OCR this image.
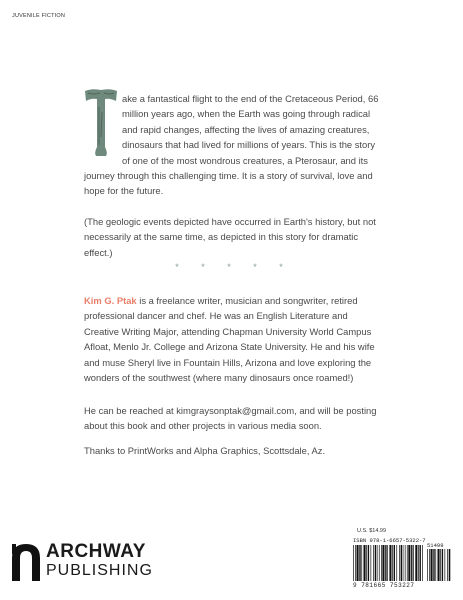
JUVENILE FICTION
ake a fantastical flight to the end of the Cretaceous Period, 66 million years ago, when the Earth was going through radical and rapid changes, affecting the lives of amazing creatures, dinosaurs that had lived for millions of years. This is the story of one of the most wondrous creatures, a Pterosaur, and its journey through this challenging time. It is a story of survival, love and hope for the future.
(The geologic events depicted have occurred in Earth's history, but not necessarily at the same time, as depicted in this story for dramatic effect.)
* * * * *
Kim G. Ptak is a freelance writer, musician and songwriter, retired professional dancer and chef. He was an English Literature and Creative Writing Major, attending Chapman University World Campus Afloat, Menlo Jr. College and Arizona State University. He and his wife and muse Sheryl live in Fountain Hills, Arizona and love exploring the wonders of the southwest (where many dinosaurs once roamed!)
He can be reached at kimgraysonptak@gmail.com, and will be posting about this book and other projects in various media soon.
Thanks to PrintWorks and Alpha Graphics, Scottsdale, Az.
U.S. $14.99
ISBN 978-1-6657-5322-7
51499
9 781665 753227
ARCHWAY
PUBLISHING
